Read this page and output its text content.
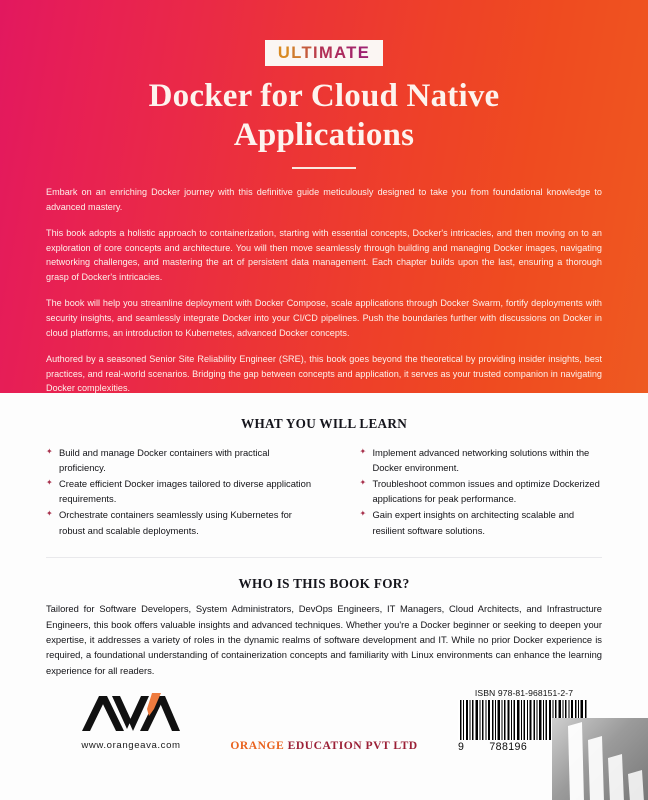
ULTIMATE
Docker for Cloud Native
Applications

Embark on an enriching Docker journey with this definitive guide meticulously designed to take you from foundational knowledge to advanced mastery.

This book adopts a holistic approach to containerization, starting with essential concepts, Docker's intricacies, and then moving on to an exploration of core concepts and architecture. You will then move seamlessly through building and managing Docker images, navigating networking challenges, and mastering the art of persistent data management. Each chapter builds upon the last, ensuring a thorough grasp of Docker's intricacies.

The book will help you streamline deployment with Docker Compose, scale applications through Docker Swarm, fortify deployments with security insights, and seamlessly integrate Docker into your CI/CD pipelines. Push the boundaries further with discussions on Docker in cloud platforms, an introduction to Kubernetes, advanced Docker concepts.

Authored by a seasoned Senior Site Reliability Engineer (SRE), this book goes beyond the theoretical by providing insider insights, best practices, and real-world scenarios. Bridging the gap between concepts and application, it serves as your trusted companion in navigating Docker complexities.

WHAT YOU WILL LEARN
✦ Build and manage Docker containers with practical proficiency.
✦ Create efficient Docker images tailored to diverse application requirements.
✦ Orchestrate containers seamlessly using Kubernetes for robust and scalable deployments.
✦ Implement advanced networking solutions within the Docker environment.
✦ Troubleshoot common issues and optimize Dockerized applications for peak performance.
✦ Gain expert insights on architecting scalable and resilient software solutions.
WHO IS THIS BOOK FOR?
Tailored for Software Developers, System Administrators, DevOps Engineers, IT Managers, Cloud Architects, and Infrastructure Engineers, this book offers valuable insights and advanced techniques. Whether you're a Docker beginner or seeking to deepen your expertise, it addresses a variety of roles in the dynamic realms of software development and IT. While no prior Docker experience is required, a foundational understanding of containerization concepts and familiarity with Linux environments can enhance the learning experience for all readers.
www.orangeava.com	ORANGE EDUCATION PVT LTD
ISBN 978-81-968151-2-7
9 788196
